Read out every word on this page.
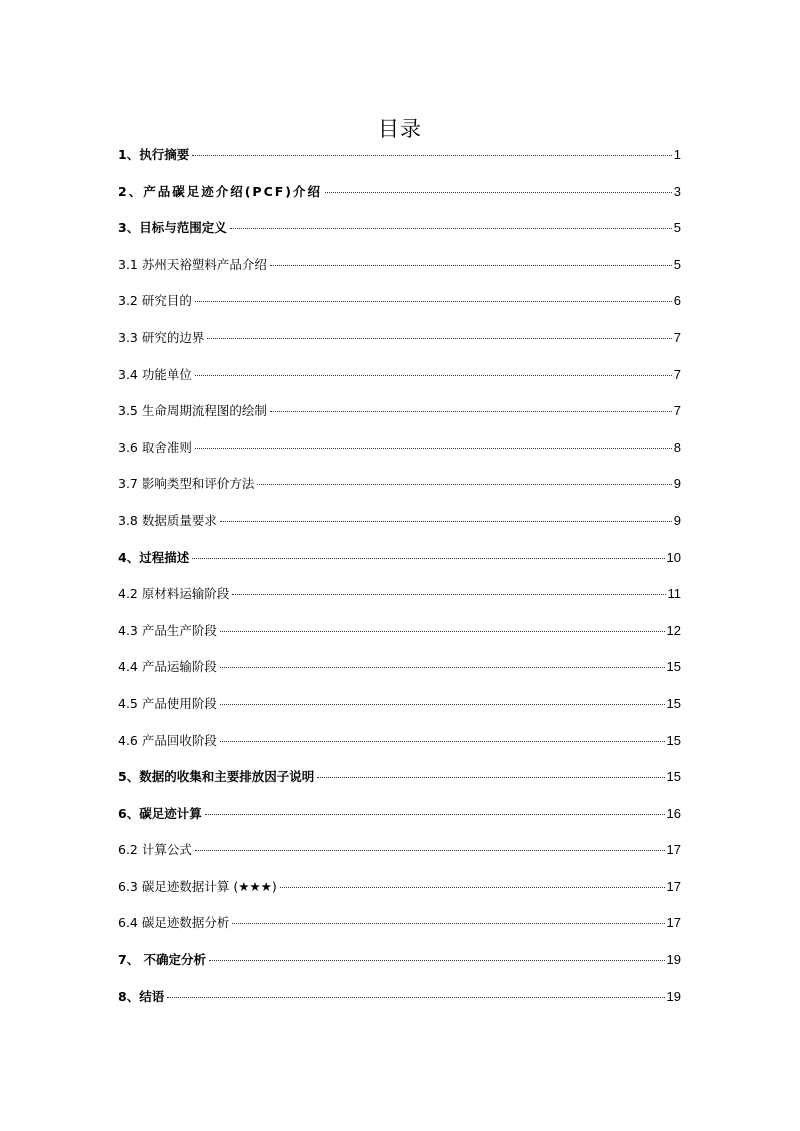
目录
1、执行摘要	1
2、产品碳足迹介绍(PCF)介绍	3
3、目标与范围定义	5
3.1 苏州天裕塑料产品介绍	5
3.2 研究目的	6
3.3 研究的边界	7
3.4 功能单位	7
3.5 生命周期流程图的绘制	7
3.6 取舍准则	8
3.7 影响类型和评价方法	9
3.8 数据质量要求	9
4、过程描述	10
4.2 原材料运输阶段	11
4.3 产品生产阶段	12
4.4 产品运输阶段	15
4.5 产品使用阶段	15
4.6 产品回收阶段	15
5、数据的收集和主要排放因子说明	15
6、碳足迹计算	16
6.2 计算公式	17
6.3 碳足迹数据计算 (★★★)	17
6.4 碳足迹数据分析	17
7、 不确定分析	19
8、结语	19
